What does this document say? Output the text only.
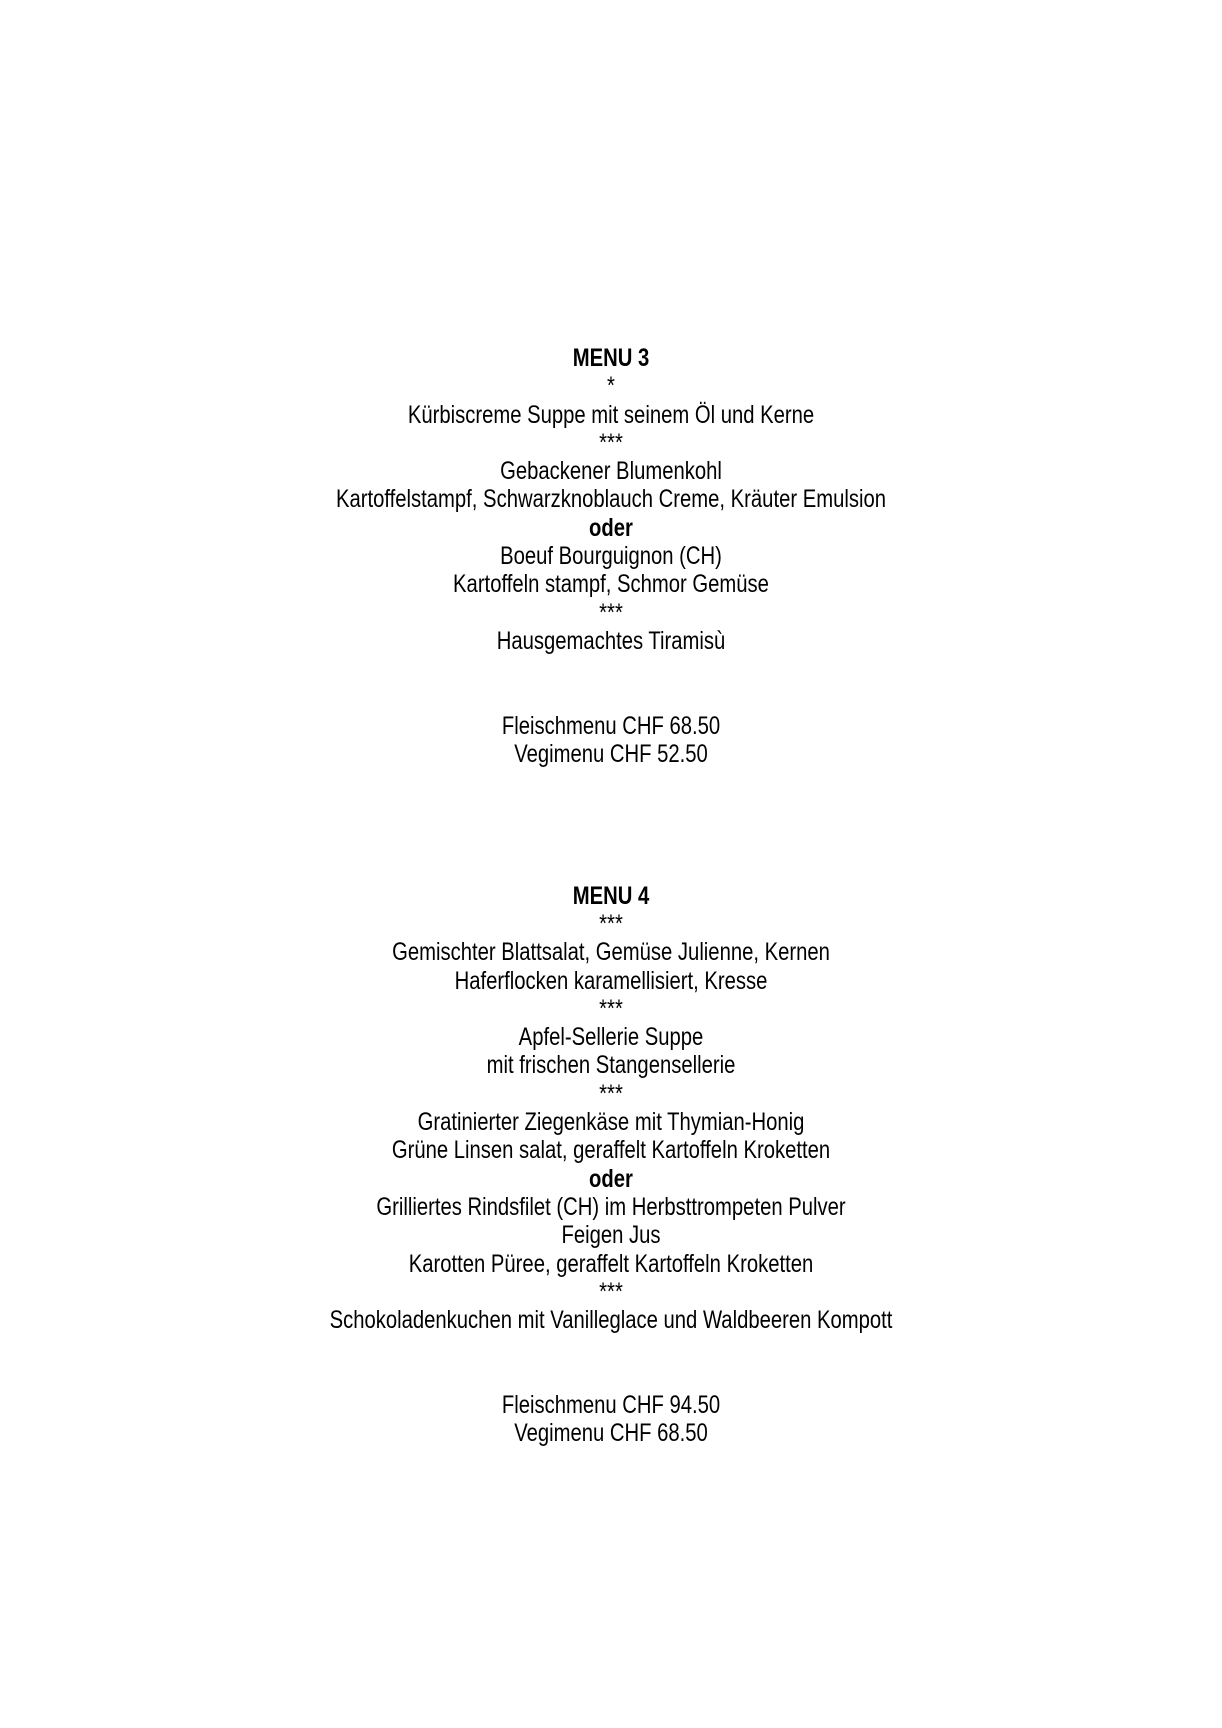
MENU 3
*
Kürbiscreme Suppe mit seinem Öl und Kerne
***
Gebackener Blumenkohl
Kartoffelstampf, Schwarzknoblauch Creme, Kräuter Emulsion
oder
Boeuf Bourguignon (CH)
Kartoffeln stampf, Schmor Gemüse
***
Hausgemachtes Tiramisù

Fleischmenu CHF 68.50
Vegimenu CHF 52.50
MENU 4
***
Gemischter Blattsalat, Gemüse Julienne, Kernen
Haferflocken karamellisiert, Kresse
***
Apfel-Sellerie Suppe
mit frischen Stangensellerie
***
Gratinierter Ziegenkäse mit Thymian-Honig
Grüne Linsen salat, geraffelt Kartoffeln Kroketten
oder
Grilliertes Rindsfilet (CH) im Herbsttrompeten Pulver
Feigen Jus
Karotten Püree, geraffelt Kartoffeln Kroketten
***
Schokoladenkuchen mit Vanilleglace und Waldbeeren Kompott

Fleischmenu CHF 94.50
Vegimenu CHF 68.50
